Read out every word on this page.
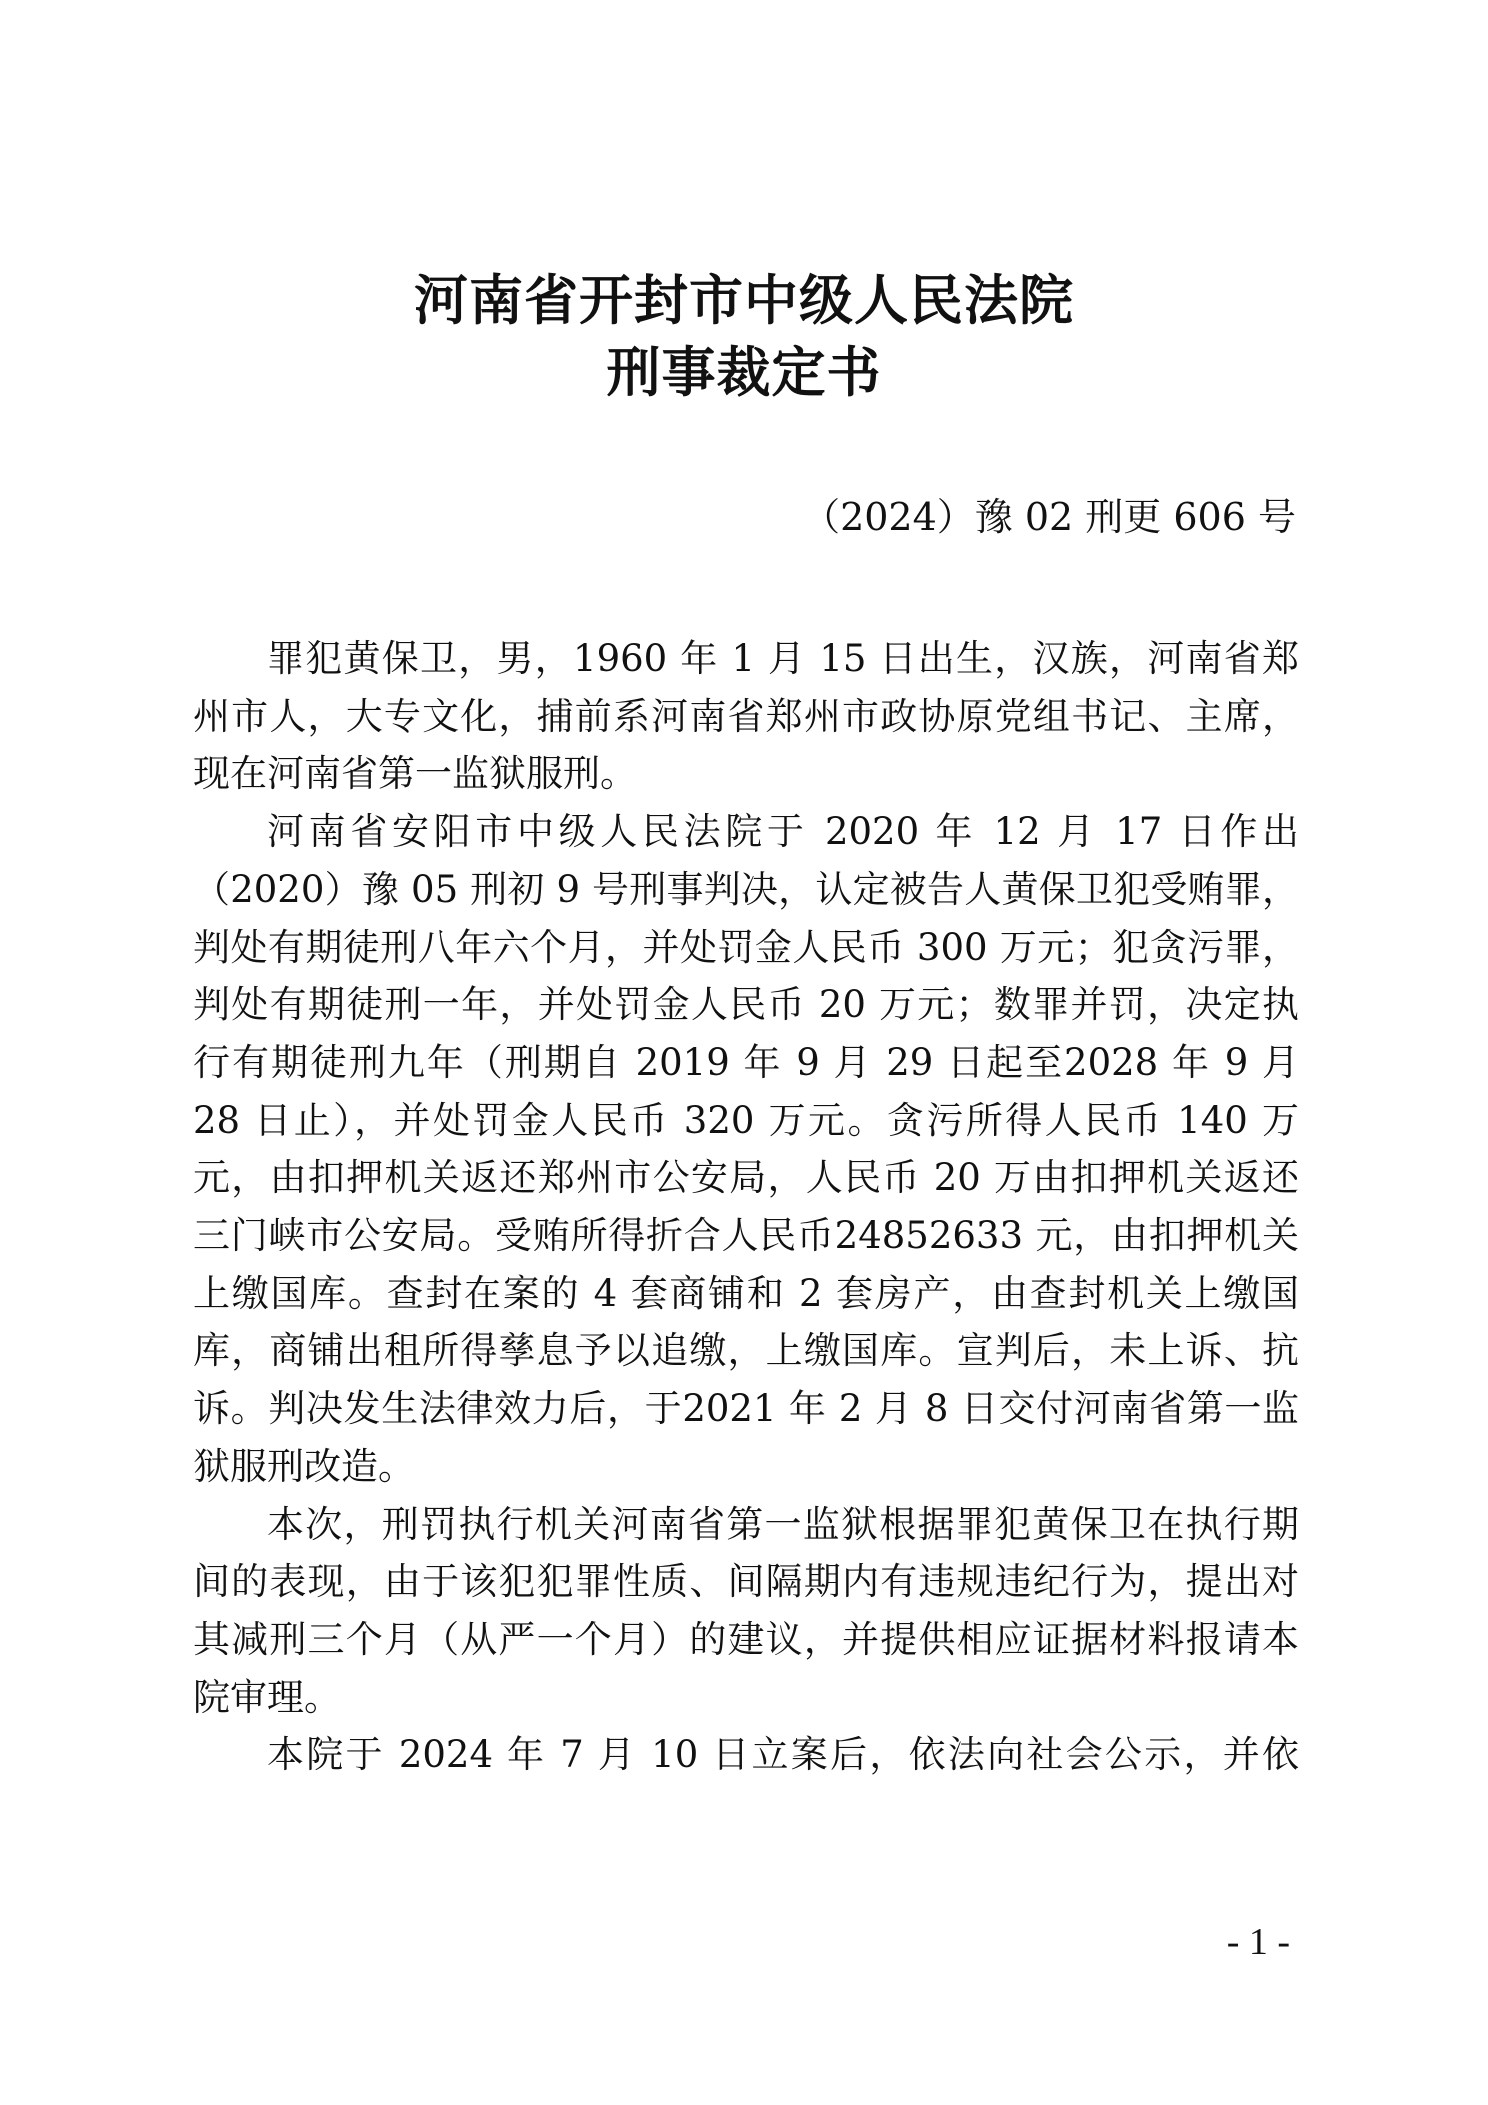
河南省开封市中级人民法院
刑事裁定书
（2024）豫 02 刑更 606 号

罪犯黄保卫，男，1960 年 1 月 15 日出生，汉族，河南省郑州市人，大专文化，捕前系河南省郑州市政协原党组书记、主席，现在河南省第一监狱服刑。

河南省安阳市中级人民法院于 2020 年 12 月 17 日作出（2020）豫 05 刑初 9 号刑事判决，认定被告人黄保卫犯受贿罪，判处有期徒刑八年六个月，并处罚金人民币 300 万元；犯贪污罪，判处有期徒刑一年，并处罚金人民币 20 万元；数罪并罚，决定执行有期徒刑九年（刑期自 2019 年 9 月 29 日起至2028 年 9 月 28 日止），并处罚金人民币 320 万元。贪污所得人民币 140 万元，由扣押机关返还郑州市公安局，人民币 20 万由扣押机关返还三门峡市公安局。受贿所得折合人民币24852633 元，由扣押机关上缴国库。查封在案的 4 套商铺和 2 套房产，由查封机关上缴国库，商铺出租所得孳息予以追缴，上缴国库。宣判后，未上诉、抗诉。判决发生法律效力后，于2021 年 2 月 8 日交付河南省第一监狱服刑改造。

本次，刑罚执行机关河南省第一监狱根据罪犯黄保卫在执行期间的表现，由于该犯犯罪性质、间隔期内有违规违纪行为，提出对其减刑三个月（从严一个月）的建议，并提供相应证据材料报请本院审理。

本院于 2024 年 7 月 10 日立案后，依法向社会公示，并依

- 1 -
